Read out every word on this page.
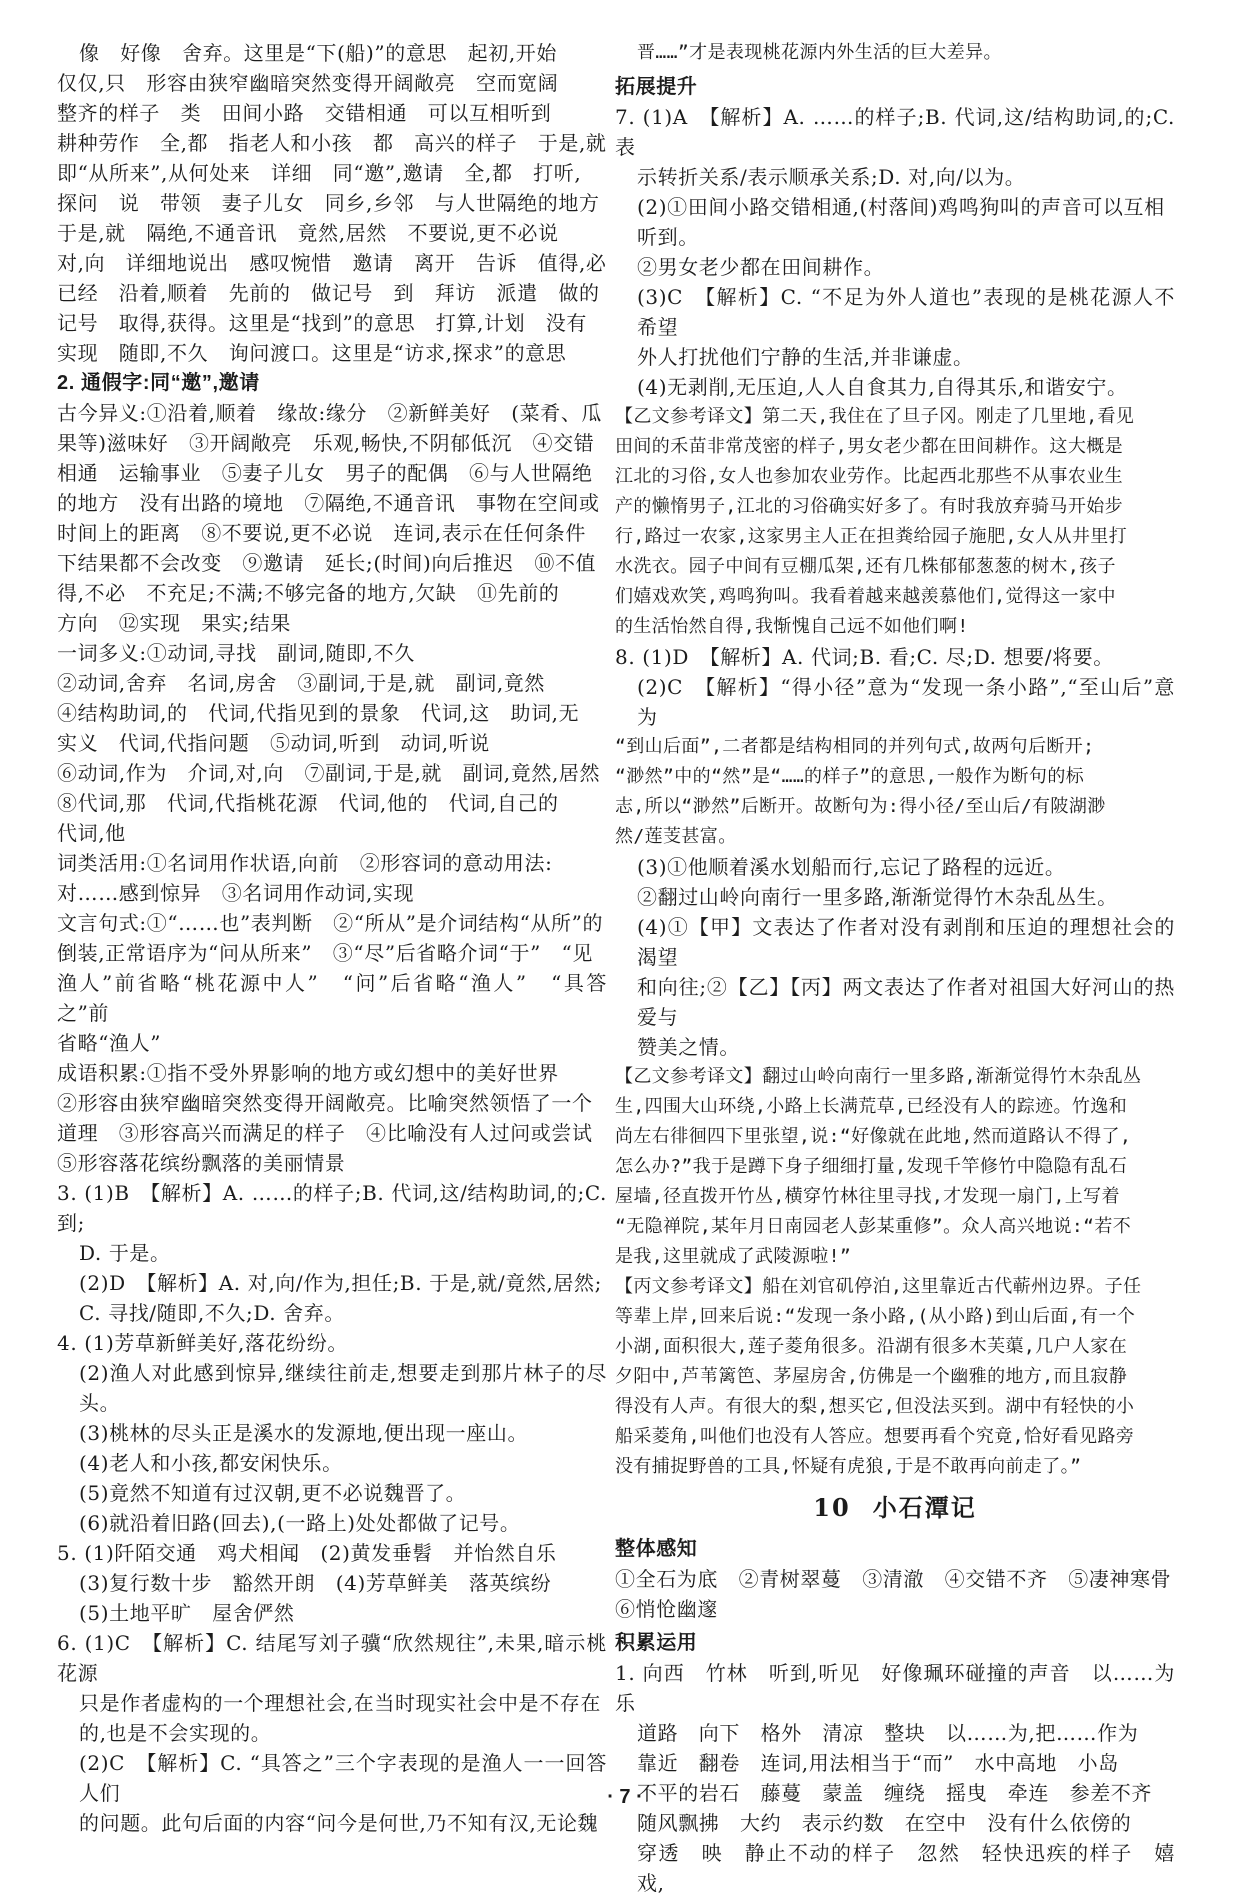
像　好像　舍弃。这里是“下(船)”的意思　起初,开始
仅仅,只　形容由狭窄幽暗突然变得开阔敞亮　空而宽阔
整齐的样子　类　田间小路　交错相通　可以互相听到
耕种劳作　全,都　指老人和小孩　都　高兴的样子　于是,就
即“从所来”,从何处来　详细　同“邀”,邀请　全,都　打听,
探问　说　带领　妻子儿女　同乡,乡邻　与人世隔绝的地方
于是,就　隔绝,不通音讯　竟然,居然　不要说,更不必说
对,向　详细地说出　感叹惋惜　邀请　离开　告诉　值得,必
已经　沿着,顺着　先前的　做记号　到　拜访　派遣　做的
记号　取得,获得。这里是“找到”的意思　打算,计划　没有
实现　随即,不久　询问渡口。这里是“访求,探求”的意思
2. 通假字:同“邀”,邀请
古今异义:①沿着,顺着　缘故:缘分　②新鲜美好　(菜肴、瓜
果等)滋味好　③开阔敞亮　乐观,畅快,不阴郁低沉　④交错
相通　运输事业　⑤妻子儿女　男子的配偶　⑥与人世隔绝
的地方　没有出路的境地　⑦隔绝,不通音讯　事物在空间或
时间上的距离　⑧不要说,更不必说　连词,表示在任何条件
下结果都不会改变　⑨邀请　延长;(时间)向后推迟　⑩不值
得,不必　不充足;不满;不够完备的地方,欠缺　⑪先前的
方向　⑫实现　果实;结果
一词多义:①动词,寻找　副词,随即,不久
②动词,舍弃　名词,房舍　③副词,于是,就　副词,竟然
④结构助词,的　代词,代指见到的景象　代词,这　助词,无
实义　代词,代指问题　⑤动词,听到　动词,听说
⑥动词,作为　介词,对,向　⑦副词,于是,就　副词,竟然,居然
⑧代词,那　代词,代指桃花源　代词,他的　代词,自己的
代词,他
词类活用:①名词用作状语,向前　②形容词的意动用法:
对……感到惊异　③名词用作动词,实现
文言句式:①“……也”表判断　②“所从”是介词结构“从所”的
倒装,正常语序为“问从所来”　③“尽”后省略介词“于”　“见
渔人”前省略“桃花源中人”　“问”后省略“渔人”　“具答之”前
省略“渔人”
成语积累:①指不受外界影响的地方或幻想中的美好世界
②形容由狭窄幽暗突然变得开阔敞亮。比喻突然领悟了一个
道理　③形容高兴而满足的样子　④比喻没有人过问或尝试
⑤形容落花缤纷飘落的美丽情景
3. (1)B　【解析】A. ……的样子;B. 代词,这/结构助词,的;C. 到;
D. 于是。
(2)D　【解析】A. 对,向/作为,担任;B. 于是,就/竟然,居然;
C. 寻找/随即,不久;D. 舍弃。
4. (1)芳草新鲜美好,落花纷纷。
(2)渔人对此感到惊异,继续往前走,想要走到那片林子的尽头。
(3)桃林的尽头正是溪水的发源地,便出现一座山。
(4)老人和小孩,都安闲快乐。
(5)竟然不知道有过汉朝,更不必说魏晋了。
(6)就沿着旧路(回去),(一路上)处处都做了记号。
5. (1)阡陌交通　鸡犬相闻　(2)黄发垂髫　并怡然自乐
(3)复行数十步　豁然开朗　(4)芳草鲜美　落英缤纷
(5)土地平旷　屋舍俨然
6. (1)C　【解析】C. 结尾写刘子骥“欣然规往”,未果,暗示桃花源
只是作者虚构的一个理想社会,在当时现实社会中是不存在
的,也是不会实现的。
(2)C　【解析】C. “具答之”三个字表现的是渔人一一回答人们
的问题。此句后面的内容“问今是何世,乃不知有汉,无论魏
晋……”才是表现桃花源内外生活的巨大差异。
拓展提升
7. (1)A　【解析】A. ……的样子;B. 代词,这/结构助词,的;C. 表
示转折关系/表示顺承关系;D. 对,向/以为。
(2)①田间小路交错相通,(村落间)鸡鸣狗叫的声音可以互相
听到。
②男女老少都在田间耕作。
(3)C　【解析】C. “不足为外人道也”表现的是桃花源人不希望
外人打扰他们宁静的生活,并非谦虚。
(4)无剥削,无压迫,人人自食其力,自得其乐,和谐安宁。
【乙文参考译文】第二天,我住在了旦子冈。刚走了几里地,看见
田间的禾苗非常茂密的样子,男女老少都在田间耕作。这大概是
江北的习俗,女人也参加农业劳作。比起西北那些不从事农业生
产的懒惰男子,江北的习俗确实好多了。有时我放弃骑马开始步
行,路过一农家,这家男主人正在担粪给园子施肥,女人从井里打
水洗衣。园子中间有豆棚瓜架,还有几株郁郁葱葱的树木,孩子
们嬉戏欢笑,鸡鸣狗叫。我看着越来越羡慕他们,觉得这一家中
的生活怡然自得,我惭愧自己远不如他们啊!
8. (1)D　【解析】A. 代词;B. 看;C. 尽;D. 想要/将要。
(2)C　【解析】“得小径”意为“发现一条小路”,“至山后”意为
“到山后面”,二者都是结构相同的并列句式,故两句后断开;
“渺然”中的“然”是“……的样子”的意思,一般作为断句的标
志,所以“渺然”后断开。故断句为:得小径/至山后/有陂湖渺
然/莲芰甚富。
(3)①他顺着溪水划船而行,忘记了路程的远近。
②翻过山岭向南行一里多路,渐渐觉得竹木杂乱丛生。
(4)①【甲】文表达了作者对没有剥削和压迫的理想社会的渴望
和向往;②【乙】【丙】两文表达了作者对祖国大好河山的热爱与
赞美之情。
【乙文参考译文】翻过山岭向南行一里多路,渐渐觉得竹木杂乱丛
生,四围大山环绕,小路上长满荒草,已经没有人的踪迹。竹逸和
尚左右徘徊四下里张望,说:“好像就在此地,然而道路认不得了,
怎么办?”我于是蹲下身子细细打量,发现千竿修竹中隐隐有乱石
屋墙,径直拨开竹丛,横穿竹林往里寻找,才发现一扇门,上写着
“无隐禅院,某年月日南园老人彭某重修”。众人高兴地说:“若不
是我,这里就成了武陵源啦!”
【丙文参考译文】船在刘官矶停泊,这里靠近古代蕲州边界。子任
等辈上岸,回来后说:“发现一条小路,(从小路)到山后面,有一个
小湖,面积很大,莲子菱角很多。沿湖有很多木芙蕖,几户人家在
夕阳中,芦苇篱笆、茅屋房舍,仿佛是一个幽雅的地方,而且寂静
得没有人声。有很大的梨,想买它,但没法买到。湖中有轻快的小
船采菱角,叫他们也没有人答应。想要再看个究竟,恰好看见路旁
没有捕捉野兽的工具,怀疑有虎狼,于是不敢再向前走了。”
10 小石潭记
整体感知
①全石为底　②青树翠蔓　③清澈　④交错不齐　⑤凄神寒骨
⑥悄怆幽邃
积累运用
1. 向西　竹林　听到,听见　好像珮环碰撞的声音　以……为乐
道路　向下　格外　清凉　整块　以……为,把……作为
靠近　翻卷　连词,用法相当于“而”　水中高地　小岛
不平的岩石　藤蔓　蒙盖　缠绕　摇曳　牵连　参差不齐
随风飘拂　大约　表示约数　在空中　没有什么依傍的
穿透　映　静止不动的样子　忽然　轻快迅疾的样子　嬉戏,
· 7 ·
